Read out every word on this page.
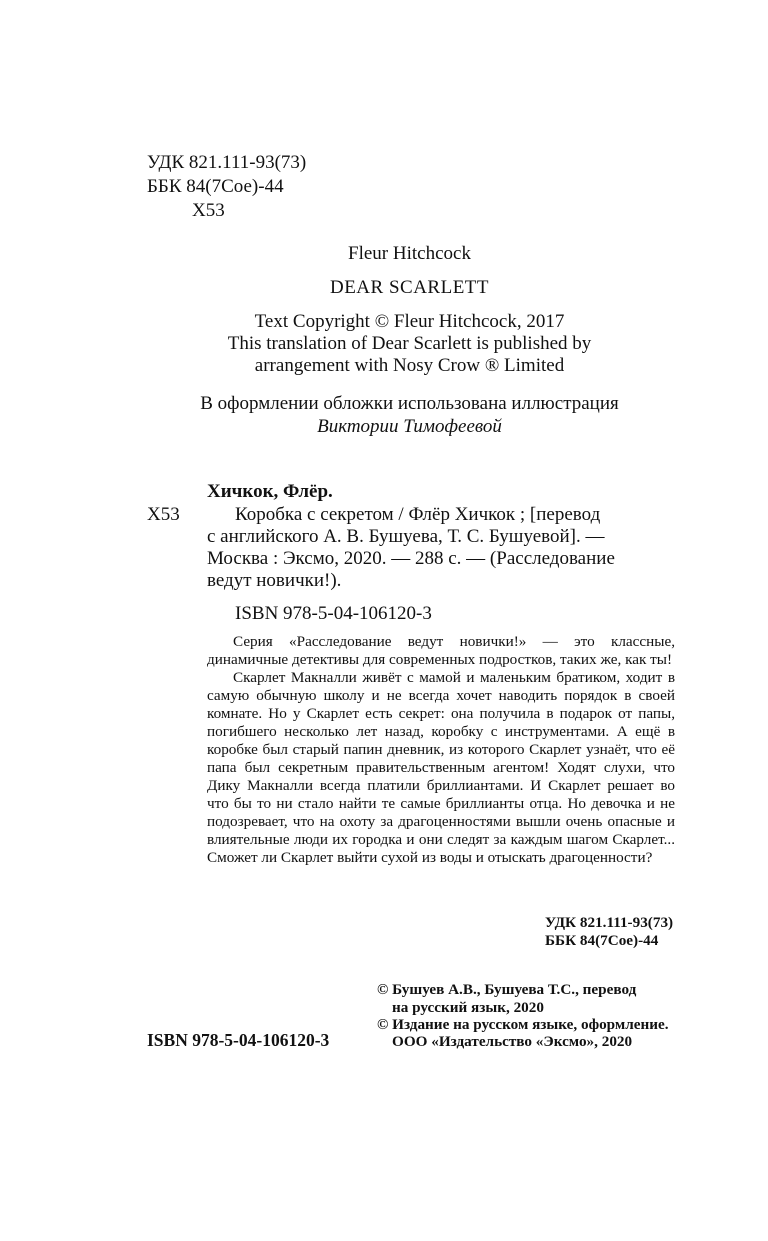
УДК 821.111-93(73)
ББК 84(7Сое)-44
Х53
Fleur Hitchcock
DEAR SCARLETT
Text Copyright © Fleur Hitchcock, 2017
This translation of Dear Scarlett is published by
arrangement with Nosy Crow ® Limited
В оформлении обложки использована иллюстрация
Виктории Тимофеевой
Хичкок, Флёр.
Х53	Коробка с секретом / Флёр Хичкок ; [перевод
с английского А. В. Бушуева, Т. С. Бушуевой]. —
Москва : Эксмо, 2020. — 288 с. — (Расследование
ведут новички!).
ISBN 978-5-04-106120-3

Серия «Расследование ведут новички!» — это классные, динамичные детективы для современных подростков, таких же, как ты!

Скарлет Макналли живёт с мамой и маленьким братиком, ходит в самую обычную школу и не всегда хочет наводить порядок в своей комнате. Но у Скарлет есть секрет: она получила в подарок от папы, погибшего несколько лет назад, коробку с инструментами. А ещё в коробке был старый папин дневник, из которого Скарлет узнаёт, что её папа был секретным правительственным агентом! Ходят слухи, что Дику Макналли всегда платили бриллиантами. И Скарлет решает во что бы то ни стало найти те самые бриллианты отца. Но девочка и не подозревает, что на охоту за драгоценностями вышли очень опасные и влиятельные люди их городка и они следят за каждым шагом Скарлет... Сможет ли Скарлет выйти сухой из воды и отыскать драгоценности?

УДК 821.111-93(73)
ББК 84(7Сое)-44
© Бушуев А.В., Бушуева Т.С., перевод
на русский язык, 2020
© Издание на русском языке, оформление.
ООО «Издательство «Эксмо», 2020
ISBN 978-5-04-106120-3
